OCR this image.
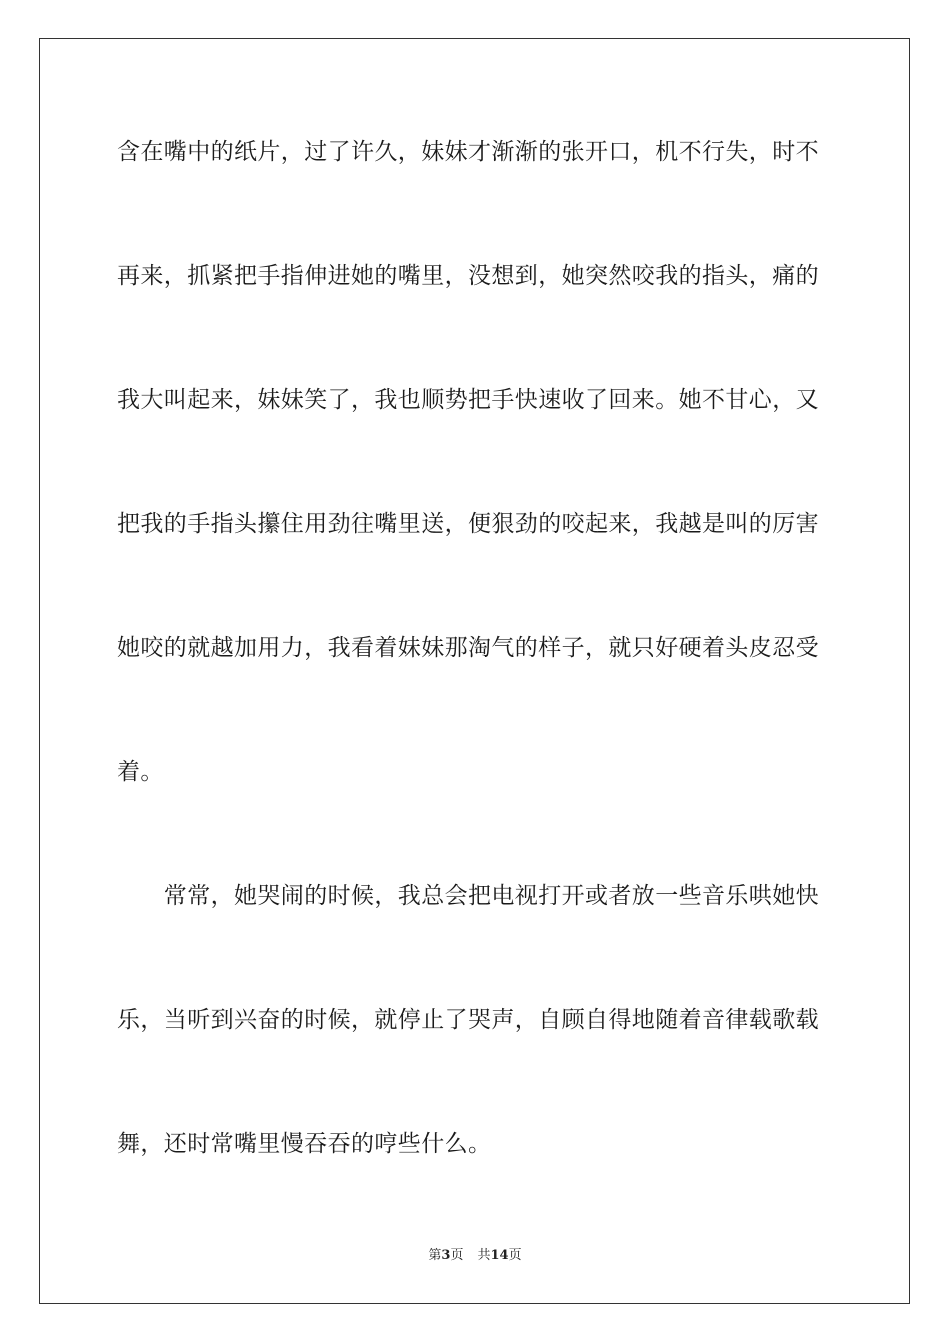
含在嘴中的纸片，过了许久，妹妹才渐渐的张开口，机不行失，时不
再来，抓紧把手指伸进她的嘴里，没想到，她突然咬我的指头，痛的
我大叫起来，妹妹笑了，我也顺势把手快速收了回来。她不甘心，又
把我的手指头攥住用劲往嘴里送，便狠劲的咬起来，我越是叫的厉害
她咬的就越加用力，我看着妹妹那淘气的样子，就只好硬着头皮忍受
着。
　　常常，她哭闹的时候，我总会把电视打开或者放一些音乐哄她快
乐，当听到兴奋的时候，就停止了哭声，自顾自得地随着音律载歌载
舞，还时常嘴里慢吞吞的哼些什么。
第3页 共14页
